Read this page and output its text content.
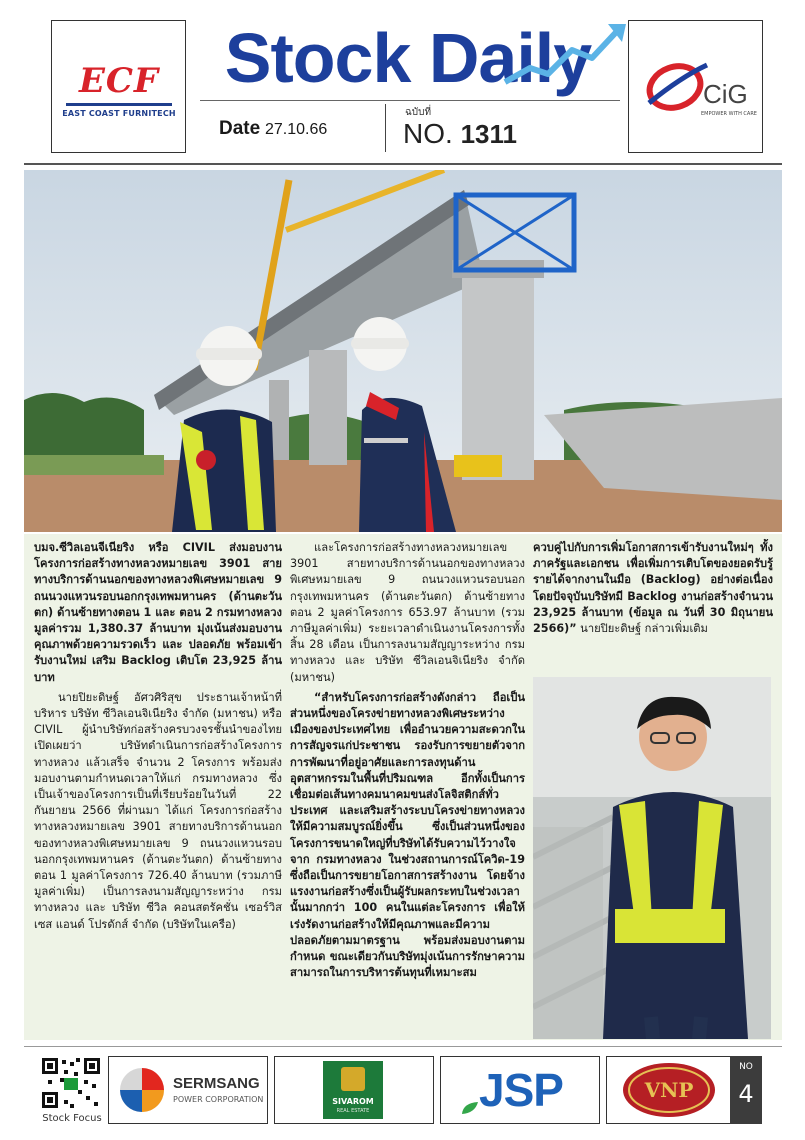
ECF
EAST COAST FURNITECH
Stock Daily
Date 27.10.66
ฉบับที่
NO. 1311
CiG
EMPOWER WITH CARE

บมจ.ซีวิลเอนจีเนียริง หรือ CIVIL ส่งมอบงานโครงการก่อสร้างทางหลวงหมายเลข 3901 สายทางบริการด้านนอกของทางหลวงพิเศษหมายเลข 9 ถนนวงแหวนรอบนอกกรุงเทพมหานคร (ด้านตะวันตก) ด้านซ้ายทางตอน 1 และ ตอน 2 กรมทางหลวง มูลค่ารวม 1,380.37 ล้านบาท มุ่งเน้นส่งมอบงานคุณภาพด้วยความรวดเร็ว และ ปลอดภัย พร้อมเข้ารับงานใหม่ เสริม Backlog เติบโต 23,925 ล้านบาท

นายปิยะดิษฐ์ อัศวศิริสุข ประธานเจ้าหน้าที่บริหาร บริษัท ซีวิลเอนจิเนียริง จำกัด (มหาชน) หรือ CIVIL ผู้นำบริษัทก่อสร้างครบวงจรชั้นนำของไทย เปิดเผยว่า บริษัทดำเนินการก่อสร้างโครงการทางหลวง แล้วเสร็จ จำนวน 2 โครงการ พร้อมส่งมอบงานตามกำหนดเวลาให้แก่ กรมทางหลวง ซึ่งเป็นเจ้าของโครงการเป็นที่เรียบร้อยในวันที่ 22 กันยายน 2566 ที่ผ่านมา ได้แก่ โครงการก่อสร้างทางหลวงหมายเลข 3901 สายทางบริการด้านนอกของทางหลวงพิเศษหมายเลข 9 ถนนวงแหวนรอบนอกกรุงเทพมหานคร (ด้านตะวันตก) ด้านซ้ายทางตอน 1 มูลค่าโครงการ 726.40 ล้านบาท (รวมภาษีมูลค่าเพิ่ม) เป็นการลงนามสัญญาระหว่าง กรมทางหลวง และ บริษัท ซีวิล คอนสตรัคชั่น เซอร์วิสเซส แอนด์ โปรดักส์ จำกัด (บริษัทในเครือ)

และโครงการก่อสร้างทางหลวงหมายเลข 3901 สายทางบริการด้านนอกของทางหลวงพิเศษหมายเลข 9 ถนนวงแหวนรอบนอกกรุงเทพมหานคร (ด้านตะวันตก) ด้านซ้ายทางตอน 2 มูลค่าโครงการ 653.97 ล้านบาท (รวมภาษีมูลค่าเพิ่ม) ระยะเวลาดำเนินงานโครงการทั้งสิ้น 28 เดือน เป็นการลงนามสัญญาระหว่าง กรมทางหลวง และ บริษัท ซีวิลเอนจิเนียริง จำกัด (มหาชน)

“สำหรับโครงการก่อสร้างดังกล่าว ถือเป็นส่วนหนึ่งของโครงข่ายทางหลวงพิเศษระหว่างเมืองของประเทศไทย เพื่ออำนวยความสะดวกในการสัญจรแก่ประชาชน รองรับการขยายตัวจากการพัฒนาที่อยู่อาศัยและการลงทุนด้านอุตสาหกรรมในพื้นที่ปริมณฑล อีกทั้งเป็นการเชื่อมต่อเส้นทางคมนาคมขนส่งโลจิสติกส์ทั่วประเทศ และเสริมสร้างระบบโครงข่ายทางหลวงให้มีความสมบูรณ์ยิ่งขึ้น ซึ่งเป็นส่วนหนึ่งของโครงการขนาดใหญ่ที่บริษัทได้รับความไว้วางใจจาก กรมทางหลวง ในช่วงสถานการณ์โควิด-19 ซึ่งถือเป็นการขยายโอกาสการสร้างงาน โดยจ้างแรงงานก่อสร้างซึ่งเป็นผู้รับผลกระทบในช่วงเวลานั้นมากกว่า 100 คนในแต่ละโครงการ เพื่อให้เร่งรัดงานก่อสร้างให้มีคุณภาพและมีความปลอดภัยตามมาตรฐาน พร้อมส่งมอบงานตามกำหนด ขณะเดียวกันบริษัทมุ่งเน้นการรักษาความสามารถในการบริหารต้นทุนที่เหมาะสม

ควบคู่ไปกับการเพิ่มโอกาสการเข้ารับงานใหม่ๆ ทั้งภาครัฐและเอกชน เพื่อเพิ่มการเติบโตของยอดรับรู้รายได้จากงานในมือ (Backlog) อย่างต่อเนื่อง โดยปัจจุบันบริษัทมี Backlog งานก่อสร้างจำนวน 23,925 ล้านบาท (ข้อมูล ณ วันที่ 30 มิถุนายน 2566)” นายปิยะดิษฐ์ กล่าวเพิ่มเติม

Stock Focus
SERMSANG
POWER CORPORATION	SIVAROM
REAL ESTATE	JSP	VNP
NO
4
